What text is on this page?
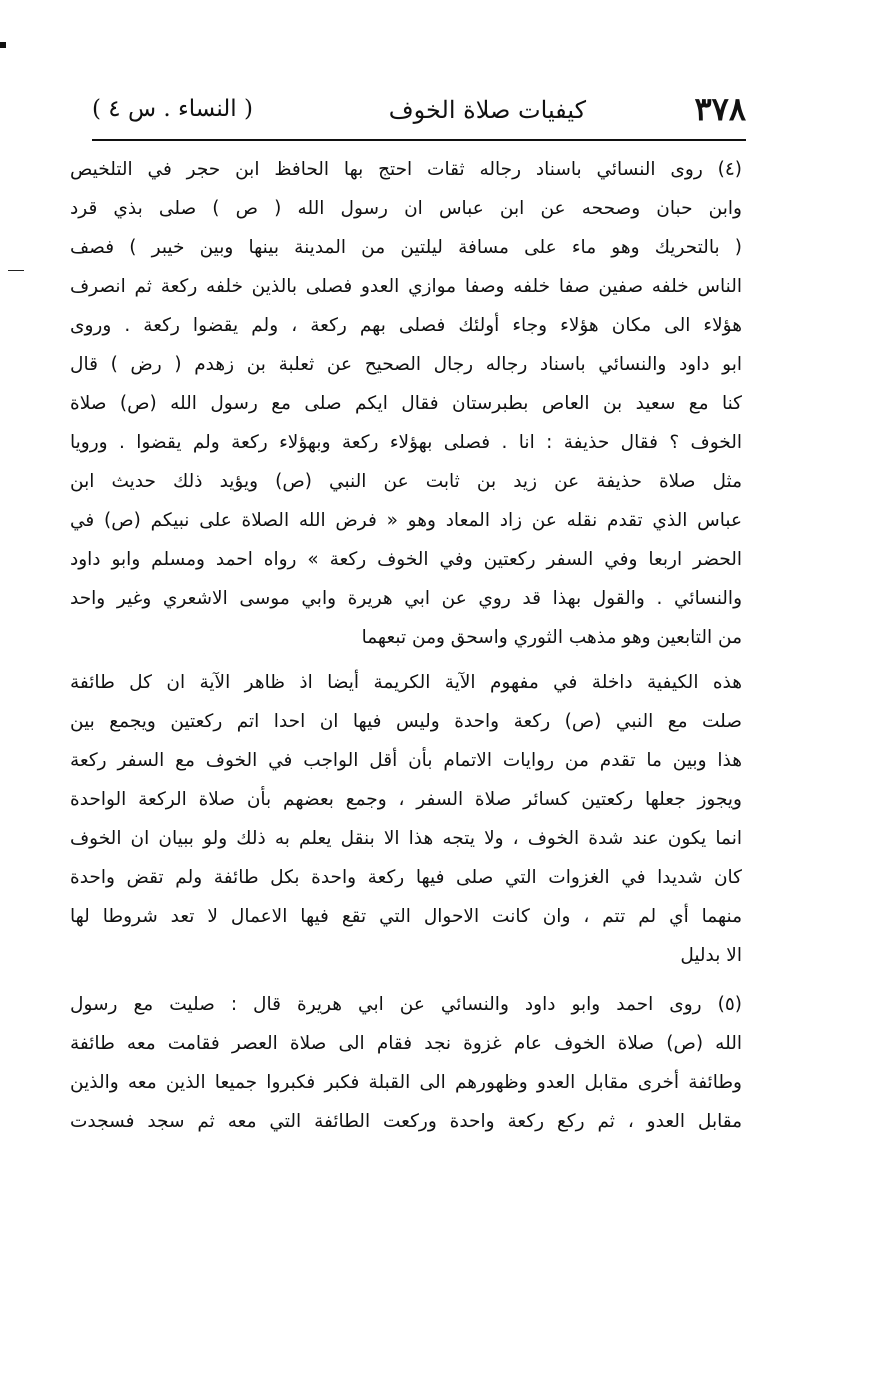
٣٧٨
كيفيات صلاة الخوف
( النساء . س ٤ )
(٤) روى النسائي باسناد رجاله ثقات احتج بها الحافظ ابن حجر في التلخيص
وابن حبان وصححه عن ابن عباس ان رسول الله ( ص ) صلى بذي قرد
( بالتحريك وهو ماء على مسافة ليلتين من المدينة بينها وبين خيبر ) فصف
الناس خلفه صفين صفا خلفه وصفا موازي العدو فصلى بالذين خلفه ركعة ثم انصرف
هؤلاء الى مكان هؤلاء وجاء أولئك فصلى بهم ركعة ، ولم يقضوا ركعة . وروى
ابو داود والنسائي باسناد رجاله رجال الصحيح عن ثعلبة بن زهدم ( رض ) قال
كنا مع سعيد بن العاص بطبرستان فقال ايكم صلى مع رسول الله (ص) صلاة
الخوف ؟ فقال حذيفة : انا . فصلى بهؤلاء ركعة وبهؤلاء ركعة ولم يقضوا . ورويا
مثل صلاة حذيفة عن زيد بن ثابت عن النبي (ص) ويؤيد ذلك حديث ابن
عباس الذي تقدم نقله عن زاد المعاد وهو « فرض الله الصلاة على نبيكم (ص) في
الحضر اربعا وفي السفر ركعتين وفي الخوف ركعة » رواه احمد ومسلم وابو داود
والنسائي . والقول بهذا قد روي عن ابي هريرة وابي موسى الاشعري وغير واحد
من التابعين وهو مذهب الثوري واسحق ومن تبعهما
هذه الكيفية داخلة في مفهوم الآية الكريمة أيضا اذ ظاهر الآية ان كل طائفة
صلت مع النبي (ص) ركعة واحدة وليس فيها ان احدا اتم ركعتين ويجمع بين
هذا وبين ما تقدم من روايات الاتمام بأن أقل الواجب في الخوف مع السفر ركعة
ويجوز جعلها ركعتين كسائر صلاة السفر ، وجمع بعضهم بأن صلاة الركعة الواحدة
انما يكون عند شدة الخوف ، ولا يتجه هذا الا بنقل يعلم به ذلك ولو ببيان ان الخوف
كان شديدا في الغزوات التي صلى فيها ركعة واحدة بكل طائفة ولم تقض واحدة
منهما أي لم تتم ، وان كانت الاحوال التي تقع فيها الاعمال لا تعد شروطا لها
الا بدليل
(٥) روى احمد وابو داود والنسائي عن ابي هريرة قال : صليت مع رسول
الله (ص) صلاة الخوف عام غزوة نجد فقام الى صلاة العصر فقامت معه طائفة
وطائفة أخرى مقابل العدو وظهورهم الى القبلة فكبر فكبروا جميعا الذين معه والذين
مقابل العدو ، ثم ركع ركعة واحدة وركعت الطائفة التي معه ثم سجد فسجدت
